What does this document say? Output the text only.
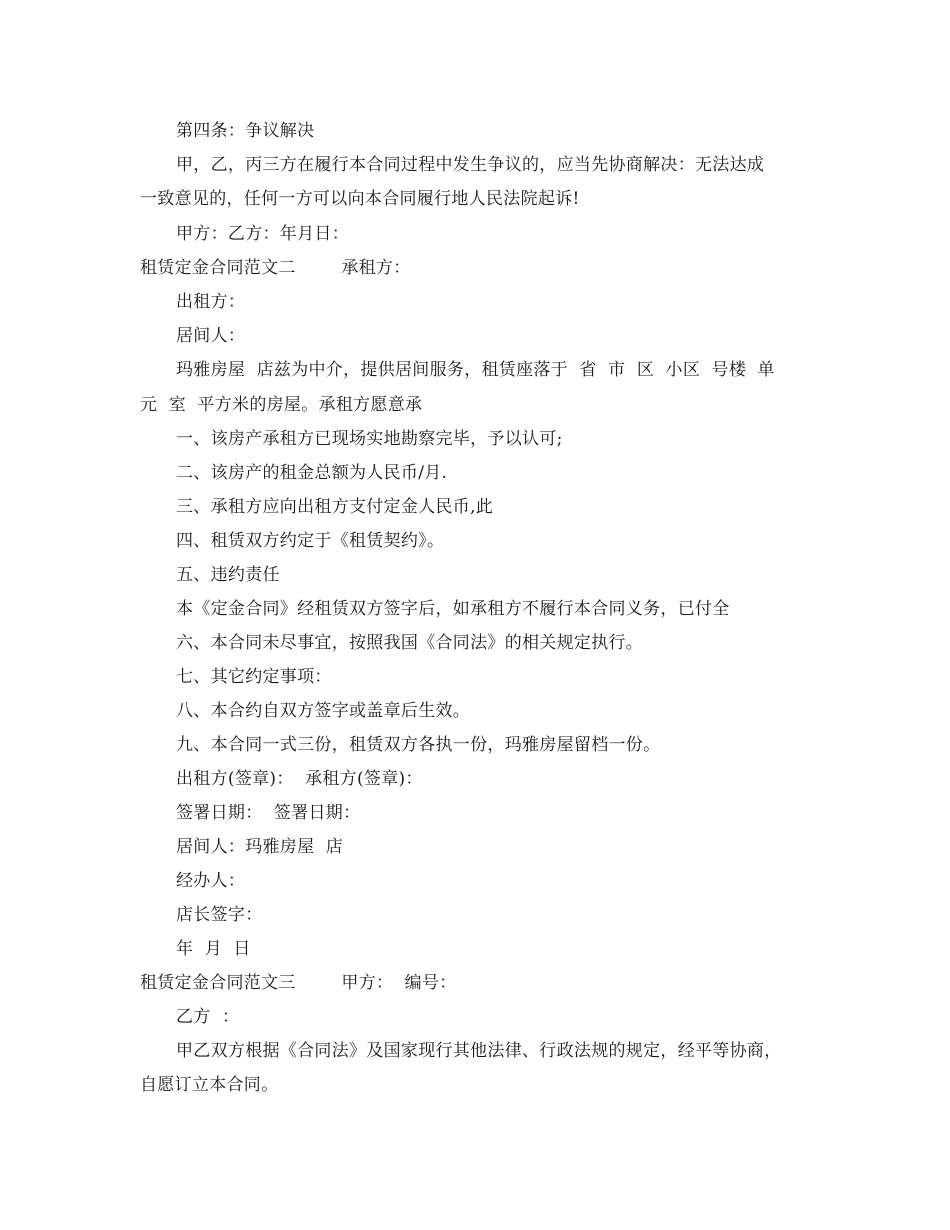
第四条：争议解决
甲，乙，丙三方在履行本合同过程中发生争议的，应当先协商解决：无法达成
一致意见的，任何一方可以向本合同履行地人民法院起诉!
甲方：乙方：年月日：
租赁定金合同范文二        承租方：
出租方：
居间人：
玛雅房屋  店兹为中介，提供居间服务，租赁座落于  省  市  区  小区  号楼  单
元  室  平方米的房屋。承租方愿意承
一、该房产承租方已现场实地勘察完毕，予以认可;
二、该房产的租金总额为人民币/月.
三、承租方应向出租方支付定金人民币,此
四、租赁双方约定于《租赁契约》。
五、违约责任
本《定金合同》经租赁双方签字后，如承租方不履行本合同义务，已付全
六、本合同未尽事宜，按照我国《合同法》的相关规定执行。
七、其它约定事项：
八、本合约自双方签字或盖章后生效。
九、本合同一式三份，租赁双方各执一份，玛雅房屋留档一份。
出租方(签章)：  承租方(签章)：
签署日期：  签署日期：
居间人：玛雅房屋  店
经办人：
店长签字：
年  月  日
租赁定金合同范文三        甲方：  编号：
乙方  ：
甲乙双方根据《合同法》及国家现行其他法律、行政法规的规定，经平等协商，
自愿订立本合同。
